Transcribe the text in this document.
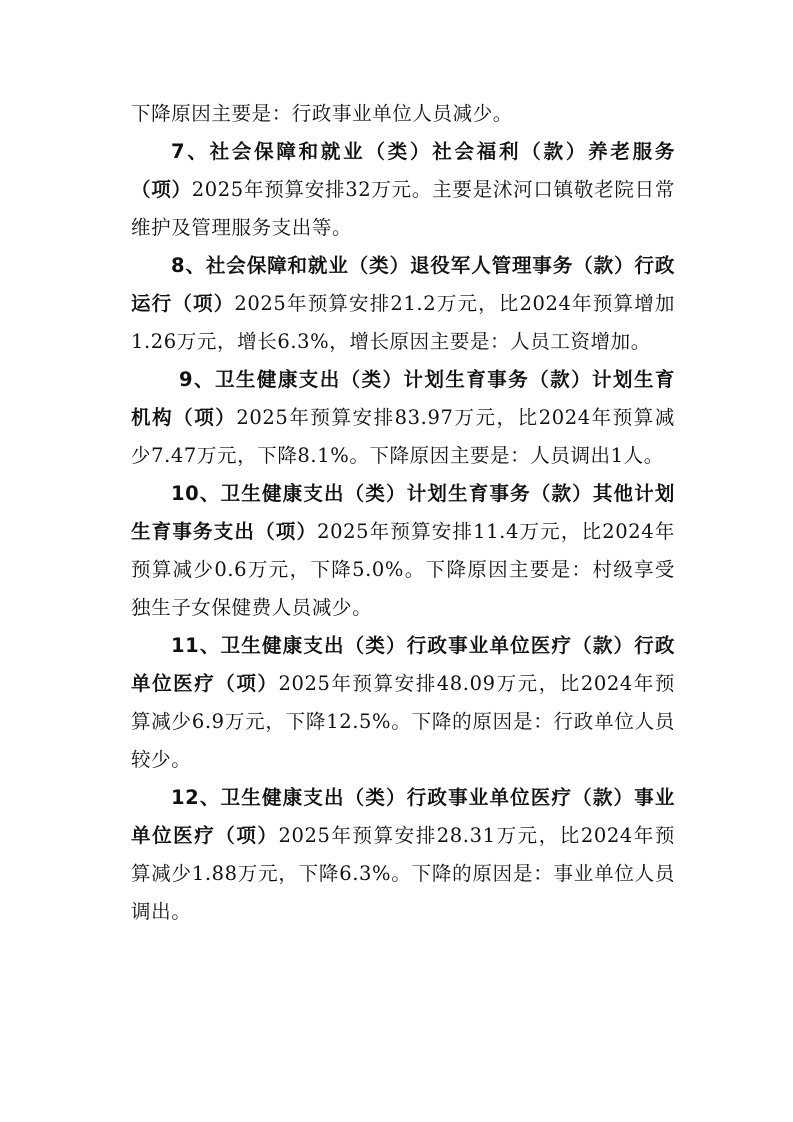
下降原因主要是：行政事业单位人员减少。

7、社会保障和就业（类）社会福利（款）养老服务（项）2025年预算安排32万元。主要是沭河口镇敬老院日常维护及管理服务支出等。

8、社会保障和就业（类）退役军人管理事务（款）行政运行（项）2025年预算安排21.2万元，比2024年预算增加1.26万元，增长6.3%，增长原因主要是：人员工资增加。

9、卫生健康支出（类）计划生育事务（款）计划生育机构（项）2025年预算安排83.97万元，比2024年预算减少7.47万元，下降8.1%。下降原因主要是：人员调出1人。

10、卫生健康支出（类）计划生育事务（款）其他计划生育事务支出（项）2025年预算安排11.4万元，比2024年预算减少0.6万元，下降5.0%。下降原因主要是：村级享受独生子女保健费人员减少。

11、卫生健康支出（类）行政事业单位医疗（款）行政单位医疗（项）2025年预算安排48.09万元，比2024年预算减少6.9万元，下降12.5%。下降的原因是：行政单位人员较少。

12、卫生健康支出（类）行政事业单位医疗（款）事业单位医疗（项）2025年预算安排28.31万元，比2024年预算减少1.88万元，下降6.3%。下降的原因是：事业单位人员调出。
